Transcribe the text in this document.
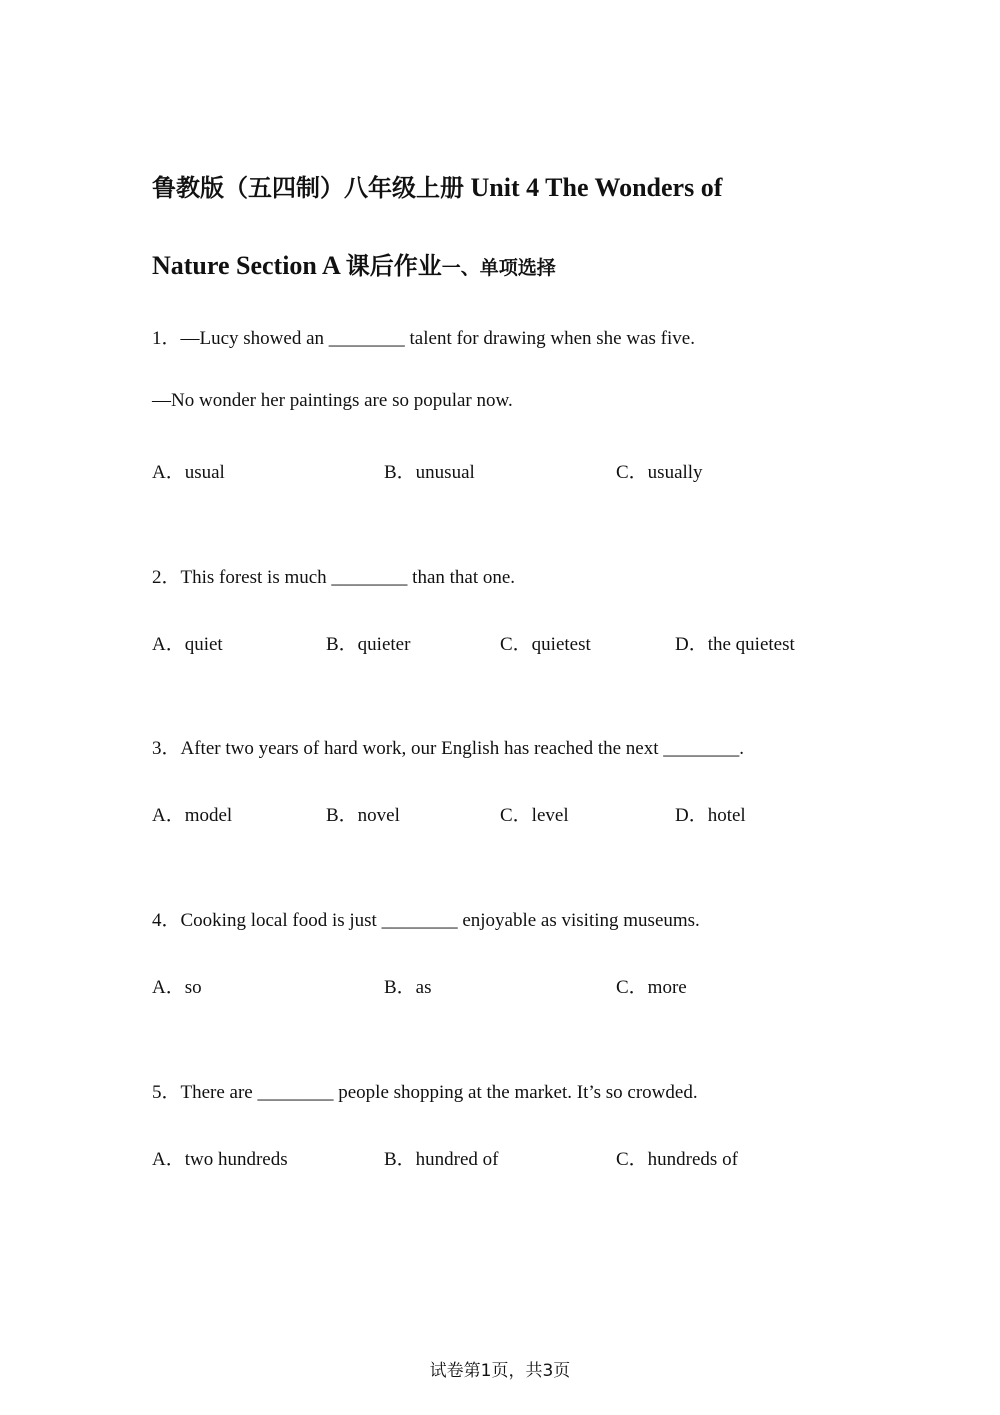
鲁教版（五四制）八年级上册 Unit 4 The Wonders of
Nature Section A 课后作业一、单项选择
1．—Lucy showed an ________ talent for drawing when she was five.
—No wonder her paintings are so popular now.
A．usual	B．unusual	C．usually
2．This forest is much ________ than that one.
A．quiet	B．quieter	C．quietest	D．the quietest
3．After two years of hard work, our English has reached the next ________.
A．model	B．novel	C．level	D．hotel
4．Cooking local food is just ________ enjoyable as visiting museums.
A．so	B．as	C．more
5．There are ________ people shopping at the market. It’s so crowded.
A．two hundreds	B．hundred of	C．hundreds of
试卷第1页，共3页
